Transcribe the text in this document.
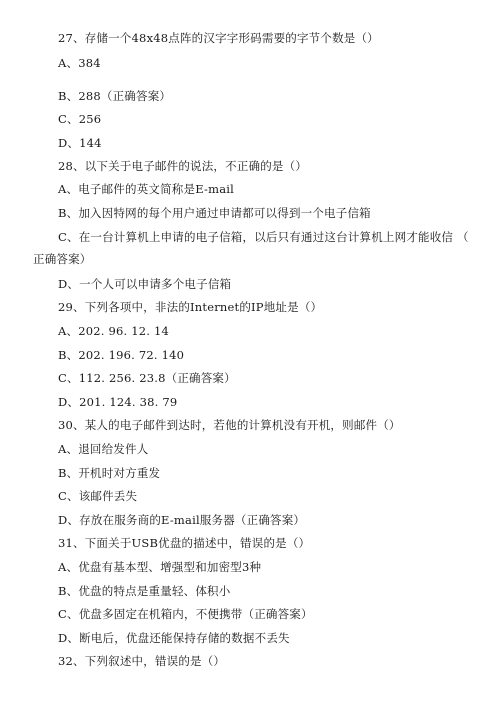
27、存储一个48x48点阵的汉字字形码需要的字节个数是（）
A、384
B、288（正确答案）
C、256
D、144
28、以下关于电子邮件的说法，不正确的是（）
A、电子邮件的英文简称是E-mail
B、加入因特网的每个用户通过申请都可以得到一个电子信箱
C、在一台计算机上申请的电子信箱，以后只有通过这台计算机上网才能收信 （
正确答案）
D、一个人可以申请多个电子信箱
29、下列各项中，非法的Internet的IP地址是（）
A、202. 96. 12. 14
B、202. 196. 72. 140
C、112. 256. 23.8（正确答案）
D、201. 124. 38. 79
30、某人的电子邮件到达时，若他的计算机没有开机，则邮件（）
A、退回给发件人
B、开机时对方重发
C、该邮件丢失
D、存放在服务商的E-mail服务器（正确答案）
31、下面关于USB优盘的描述中，错误的是（）
A、优盘有基本型、增强型和加密型3种
B、优盘的特点是重量轻、体积小
C、优盘多固定在机箱内，不便携带（正确答案）
D、断电后，优盘还能保持存储的数据不丢失
32、下列叙述中，错误的是（）
